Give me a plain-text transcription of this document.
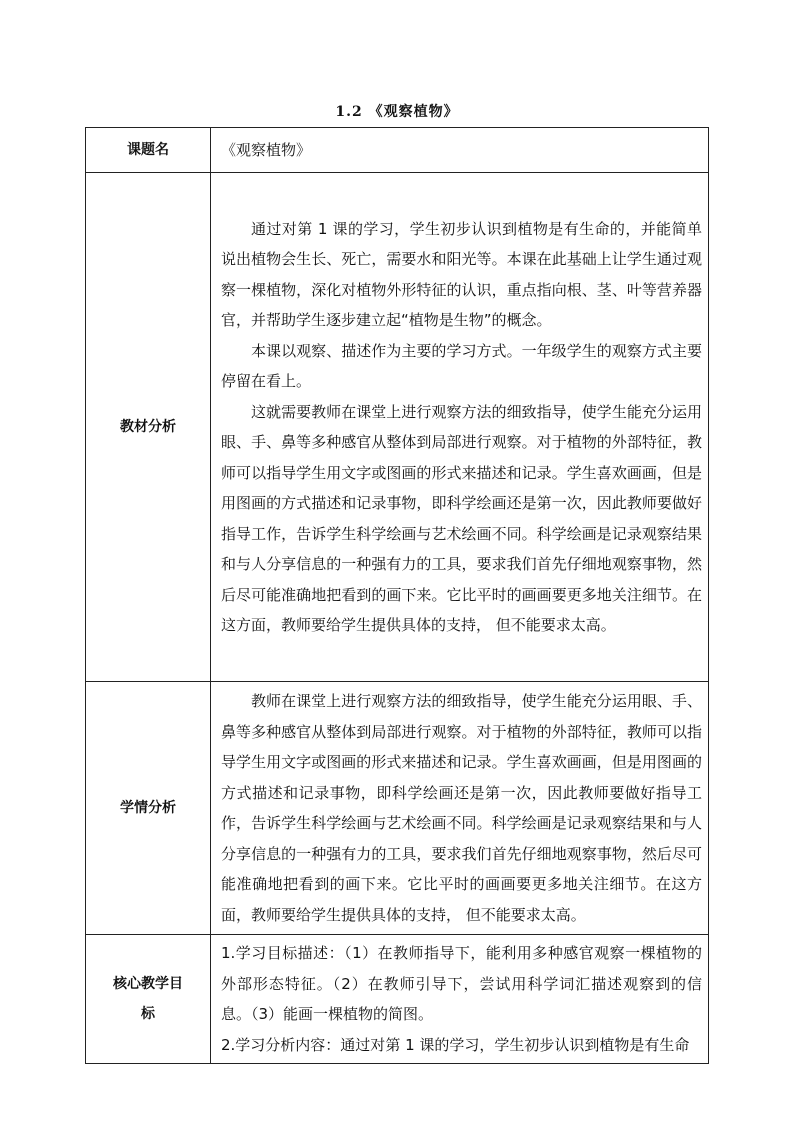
1.2 《观察植物》
课题名	《观察植物》
教材分析	通过对第 1 课的学习，学生初步认识到植物是有生命的，并能简单说出植物会生长、死亡，需要水和阳光等。本课在此基础上让学生通过观察一棵植物，深化对植物外形特征的认识，重点指向根、茎、叶等营养器官，并帮助学生逐步建立起“植物是生物”的概念。

本课以观察、描述作为主要的学习方式。一年级学生的观察方式主要停留在看上。

这就需要教师在课堂上进行观察方法的细致指导，使学生能充分运用眼、手、鼻等多种感官从整体到局部进行观察。对于植物的外部特征，教师可以指导学生用文字或图画的形式来描述和记录。学生喜欢画画，但是用图画的方式描述和记录事物，即科学绘画还是第一次，因此教师要做好指导工作，告诉学生科学绘画与艺术绘画不同。科学绘画是记录观察结果和与人分享信息的一种强有力的工具，要求我们首先仔细地观察事物，然后尽可能准确地把看到的画下来。它比平时的画画要更多地关注细节。在这方面，教师要给学生提供具体的支持， 但不能要求太高。

学情分析	教师在课堂上进行观察方法的细致指导，使学生能充分运用眼、手、鼻等多种感官从整体到局部进行观察。对于植物的外部特征，教师可以指导学生用文字或图画的形式来描述和记录。学生喜欢画画，但是用图画的方式描述和记录事物，即科学绘画还是第一次，因此教师要做好指导工作，告诉学生科学绘画与艺术绘画不同。科学绘画是记录观察结果和与人分享信息的一种强有力的工具，要求我们首先仔细地观察事物，然后尽可能准确地把看到的画下来。它比平时的画画要更多地关注细节。在这方面，教师要给学生提供具体的支持， 但不能要求太高。

核心教学目标	1.学习目标描述：（1）在教师指导下，能利用多种感官观察一棵植物的外部形态特征。（2）在教师引导下，尝试用科学词汇描述观察到的信息。（3）能画一棵植物的简图。

2.学习分析内容：通过对第 1 课的学习，学生初步认识到植物是有生命
